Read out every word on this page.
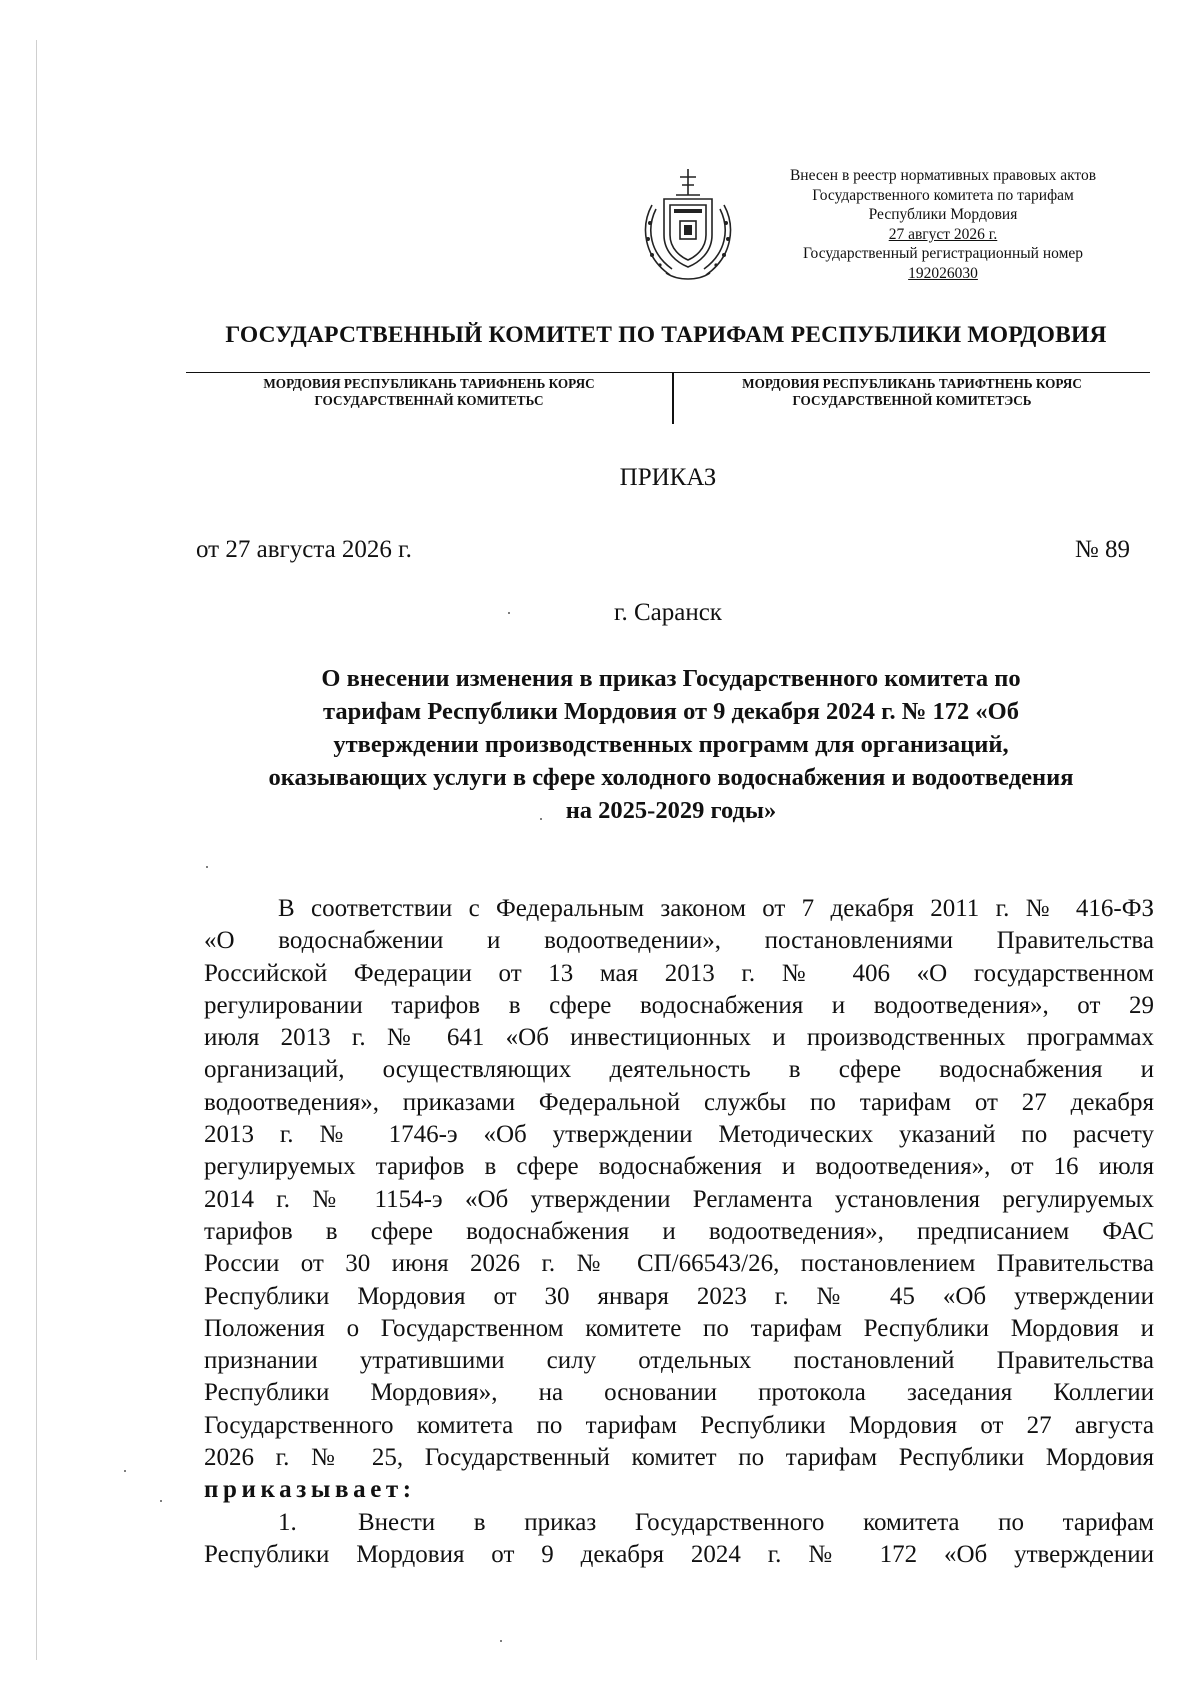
Внесен в реестр нормативных правовых актов
Государственного комитета по тарифам
Республики Мордовия
27 август 2026 г.
Государственный регистрационный номер
192026030
ГОСУДАРСТВЕННЫЙ КОМИТЕТ ПО ТАРИФАМ РЕСПУБЛИКИ МОРДОВИЯ
МОРДОВИЯ РЕСПУБЛИКАНЬ ТАРИФНЕНЬ КОРЯС
ГОСУДАРСТВЕННАЙ КОМИТЕТЬС
МОРДОВИЯ РЕСПУБЛИКАНЬ ТАРИФТНЕНЬ КОРЯС
ГОСУДАРСТВЕННОЙ КОМИТЕТЭСЬ
ПРИКАЗ
от 27 августа 2026 г.	№ 89
г. Саранск
О внесении изменения в приказ Государственного комитета по
тарифам Республики Мордовия от 9 декабря 2024 г. № 172 «Об
утверждении производственных программ для организаций,
оказывающих услуги в сфере холодного водоснабжения и водоотведения
на 2025-2029 годы»
В соответствии с Федеральным законом от 7 декабря 2011 г. № 416-ФЗ
«О водоснабжении и водоотведении», постановлениями Правительства
Российской Федерации от 13 мая 2013 г. № 406 «О государственном
регулировании тарифов в сфере водоснабжения и водоотведения», от 29
июля 2013 г. № 641 «Об инвестиционных и производственных программах
организаций, осуществляющих деятельность в сфере водоснабжения и
водоотведения», приказами Федеральной службы по тарифам от 27 декабря
2013 г. № 1746-э «Об утверждении Методических указаний по расчету
регулируемых тарифов в сфере водоснабжения и водоотведения», от 16 июля
2014 г. № 1154-э «Об утверждении Регламента установления регулируемых
тарифов в сфере водоснабжения и водоотведения», предписанием ФАС
России от 30 июня 2026 г. № СП/66543/26, постановлением Правительства
Республики Мордовия от 30 января 2023 г. № 45 «Об утверждении
Положения о Государственном комитете по тарифам Республики Мордовия и
признании утратившими силу отдельных постановлений Правительства
Республики Мордовия», на основании протокола заседания Коллегии
Государственного комитета по тарифам Республики Мордовия от 27 августа
2026 г. № 25, Государственный комитет по тарифам Республики Мордовия
приказывает:
1. Внести в приказ Государственного комитета по тарифам
Республики Мордовия от 9 декабря 2024 г. № 172 «Об утверждении
